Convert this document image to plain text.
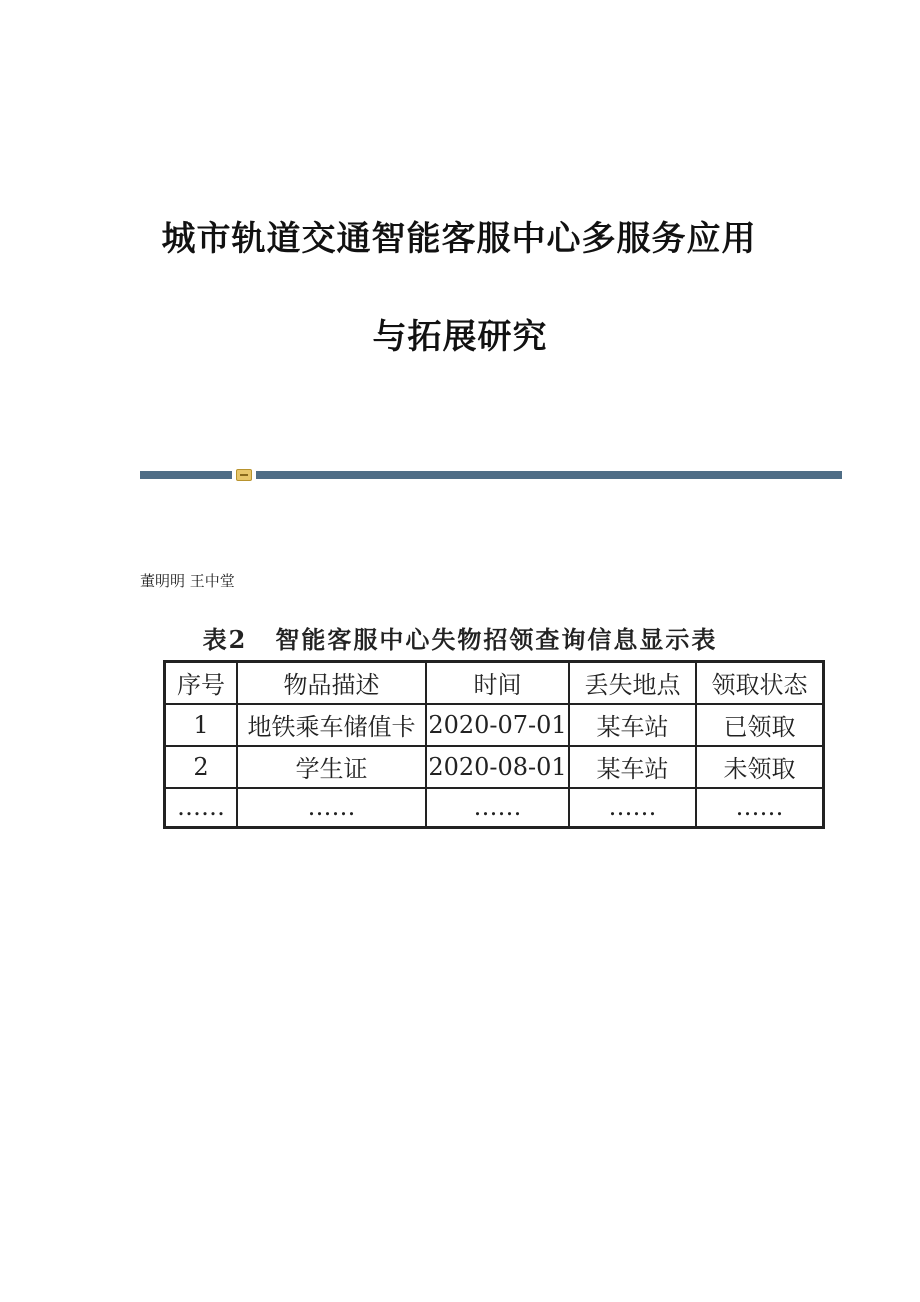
城市轨道交通智能客服中心多服务应用
与拓展研究
董明明 王中堂
表2 智能客服中心失物招领查询信息显示表
序号	物品描述	时间	丢失地点	领取状态
1	地铁乘车储值卡	2020-07-01	某车站	已领取
2	学生证	2020-08-01	某车站	未领取
……	……	……	……	……
